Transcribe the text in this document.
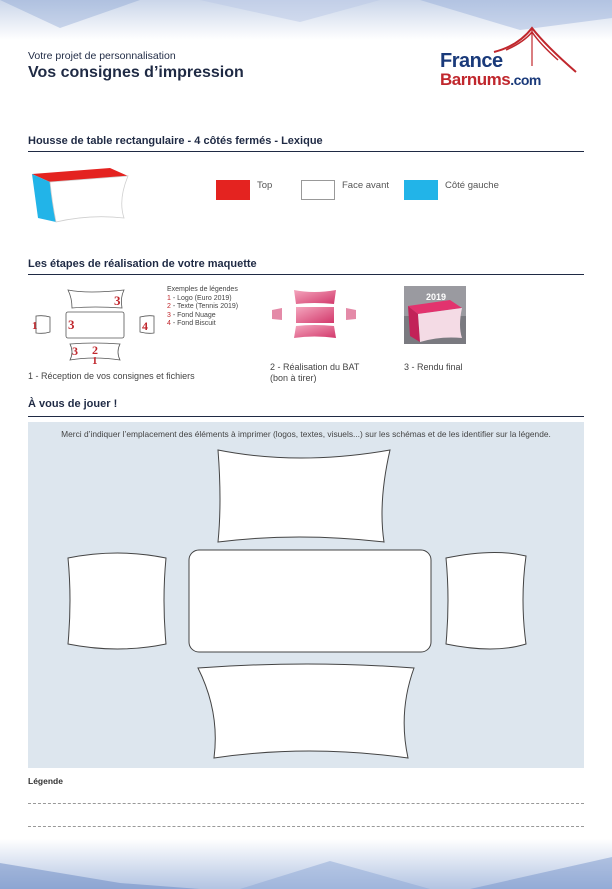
Votre projet de personnalisation
Vos consignes d’impression
France
Barnums.com
Housse de table rectangulaire - 4 côtés fermés - Lexique
Top	Face avant	Côté gauche
Les étapes de réalisation de votre maquette
3
3
1
3 2
1
4
Exemples de légendes
1 - Logo (Euro 2019)
2 - Texte (Tennis 2019)
3 - Fond Nuage
4 - Fond Biscuit
2019
1 - Réception de vos consignes et fichiers
2 - Réalisation du BAT
(bon à tirer)
3 - Rendu final
À vous de jouer !
Merci d’indiquer l’emplacement des éléments à imprimer (logos, textes, visuels...) sur les schémas et de les identifier sur la légende.
Légende
